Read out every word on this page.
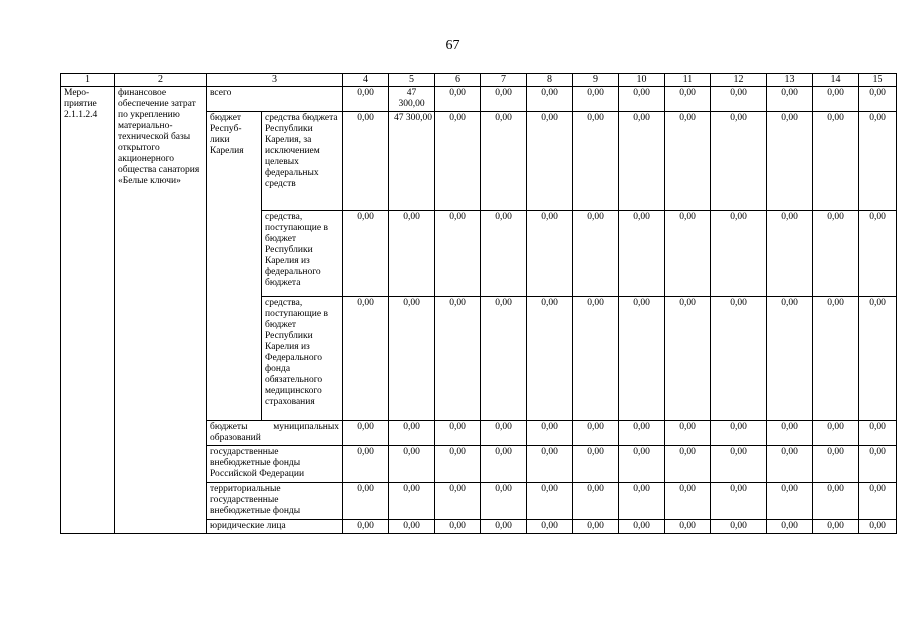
67
1	2	3		4	5	6	7	8	9	10	11	12	13	14	15
Меро-приятие 2.1.1.2.4	финансовое обеспечение затрат по укреплению материально-технической базы открытого акционерного общества санатория «Белые ключи»	всего		0,00	47 300,00	0,00	0,00	0,00	0,00	0,00	0,00	0,00	0,00	0,00	0,00
		бюджет Респуб-лики Карелия	средства бюджета Республики Карелия, за исключением целевых федеральных средств	0,00	47 300,00	0,00	0,00	0,00	0,00	0,00	0,00	0,00	0,00	0,00	0,00
			средства, поступающие в бюджет Республики Карелия из федерального бюджета	0,00	0,00	0,00	0,00	0,00	0,00	0,00	0,00	0,00	0,00	0,00	0,00
			средства, поступающие в бюджет Республики Карелия из Федерального фонда обязательного медицинского страхования	0,00	0,00	0,00	0,00	0,00	0,00	0,00	0,00	0,00	0,00	0,00	0,00
		бюджеты муниципальных образований		0,00	0,00	0,00	0,00	0,00	0,00	0,00	0,00	0,00	0,00	0,00	0,00

		государственные внебюджетные фонды Российской Федерации		0,00	0,00	0,00	0,00	0,00	0,00	0,00	0,00	0,00	0,00	0,00	0,00

		территориальные государственные внебюджетные фонды		0,00	0,00	0,00	0,00	0,00	0,00	0,00	0,00	0,00	0,00	0,00	0,00
		юридические лица		0,00	0,00	0,00	0,00	0,00	0,00	0,00	0,00	0,00	0,00	0,00	0,00
